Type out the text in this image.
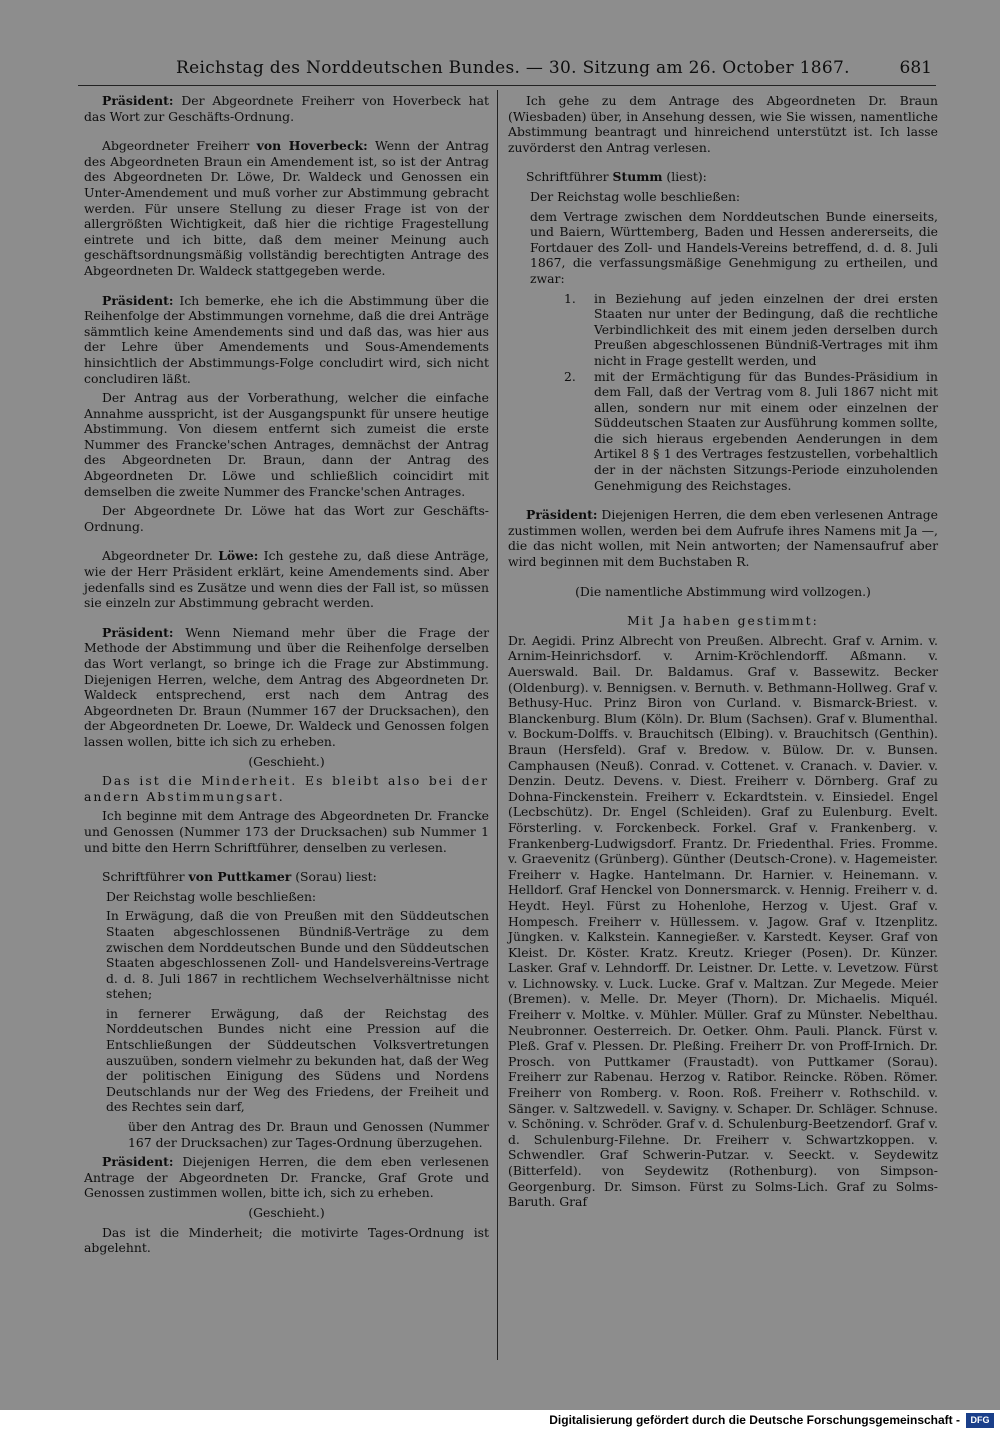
Reichstag des Norddeutschen Bundes. — 30. Sitzung am 26. October 1867.	681

Präsident: Der Abgeordnete Freiherr von Hoverbeck hat das Wort zur Geschäfts-Ordnung.

Abgeordneter Freiherr von Hoverbeck: Wenn der Antrag des Abgeordneten Braun ein Amendement ist, so ist der Antrag des Abgeordneten Dr. Löwe, Dr. Waldeck und Genossen ein Unter-Amendement und muß vorher zur Abstimmung gebracht werden. Für unsere Stellung zu dieser Frage ist von der allergrößten Wichtigkeit, daß hier die richtige Fragestellung eintrete und ich bitte, daß dem meiner Meinung auch geschäftsordnungsmäßig vollständig berechtigten Antrage des Abgeordneten Dr. Waldeck stattgegeben werde.

Präsident: Ich bemerke, ehe ich die Abstimmung über die Reihenfolge der Abstimmungen vornehme, daß die drei Anträge sämmtlich keine Amendements sind und daß das, was hier aus der Lehre über Amendements und Sous-Amendements hinsichtlich der Abstimmungs-Folge concludirt wird, sich nicht concludiren läßt.

Der Antrag aus der Vorberathung, welcher die einfache Annahme ausspricht, ist der Ausgangspunkt für unsere heutige Abstimmung. Von diesem entfernt sich zumeist die erste Nummer des Francke'schen Antrages, demnächst der Antrag des Abgeordneten Dr. Braun, dann der Antrag des Abgeordneten Dr. Löwe und schließlich coincidirt mit demselben die zweite Nummer des Francke'schen Antrages.

Der Abgeordnete Dr. Löwe hat das Wort zur Geschäfts-Ordnung.

Abgeordneter Dr. Löwe: Ich gestehe zu, daß diese Anträge, wie der Herr Präsident erklärt, keine Amendements sind. Aber jedenfalls sind es Zusätze und wenn dies der Fall ist, so müssen sie einzeln zur Abstimmung gebracht werden.

Präsident: Wenn Niemand mehr über die Frage der Methode der Abstimmung und über die Reihenfolge derselben das Wort verlangt, so bringe ich die Frage zur Abstimmung. Diejenigen Herren, welche, dem Antrag des Abgeordneten Dr. Waldeck entsprechend, erst nach dem Antrag des Abgeordneten Dr. Braun (Nummer 167 der Drucksachen), den der Abgeordneten Dr. Loewe, Dr. Waldeck und Genossen folgen lassen wollen, bitte ich sich zu erheben.

(Geschieht.)

Das ist die Minderheit. Es bleibt also bei der andern Abstimmungsart.

Ich beginne mit dem Antrage des Abgeordneten Dr. Francke und Genossen (Nummer 173 der Drucksachen) sub Nummer 1 und bitte den Herrn Schriftführer, denselben zu verlesen.

Schriftführer von Puttkamer (Sorau) liest:

Der Reichstag wolle beschließen:

In Erwägung, daß die von Preußen mit den Süddeutschen Staaten abgeschlossenen Bündniß-Verträge zu dem zwischen dem Norddeutschen Bunde und den Süddeutschen Staaten abgeschlossenen Zoll- und Handelsvereins-Vertrage d. d. 8. Juli 1867 in rechtlichem Wechselverhältnisse nicht stehen;

in fernerer Erwägung, daß der Reichstag des Norddeutschen Bundes nicht eine Pression auf die Entschließungen der Süddeutschen Volksvertretungen auszuüben, sondern vielmehr zu bekunden hat, daß der Weg der politischen Einigung des Südens und Nordens Deutschlands nur der Weg des Friedens, der Freiheit und des Rechtes sein darf,

über den Antrag des Dr. Braun und Genossen (Nummer 167 der Drucksachen) zur Tages-Ordnung überzugehen.

Präsident: Diejenigen Herren, die dem eben verlesenen Antrage der Abgeordneten Dr. Francke, Graf Grote und Genossen zustimmen wollen, bitte ich, sich zu erheben.

(Geschieht.)

Das ist die Minderheit; die motivirte Tages-Ordnung ist abgelehnt.

Ich gehe zu dem Antrage des Abgeordneten Dr. Braun (Wiesbaden) über, in Ansehung dessen, wie Sie wissen, namentliche Abstimmung beantragt und hinreichend unterstützt ist. Ich lasse zuvörderst den Antrag verlesen.

Schriftführer Stumm (liest):

Der Reichstag wolle beschließen:

dem Vertrage zwischen dem Norddeutschen Bunde einerseits, und Baiern, Württemberg, Baden und Hessen andererseits, die Fortdauer des Zoll- und Handels-Vereins betreffend, d. d. 8. Juli 1867, die verfassungsmäßige Genehmigung zu ertheilen, und zwar:

1.	in Beziehung auf jeden einzelnen der drei ersten Staaten nur unter der Bedingung, daß die rechtliche Verbindlichkeit des mit einem jeden derselben durch Preußen abgeschlossenen Bündniß-Vertrages mit ihm nicht in Frage gestellt werden, und
2.	mit der Ermächtigung für das Bundes-Präsidium in dem Fall, daß der Vertrag vom 8. Juli 1867 nicht mit allen, sondern nur mit einem oder einzelnen der Süddeutschen Staaten zur Ausführung kommen sollte, die sich hieraus ergebenden Aenderungen in dem Artikel 8 § 1 des Vertrages festzustellen, vorbehaltlich der in der nächsten Sitzungs-Periode einzuholenden Genehmigung des Reichstages.

Präsident: Diejenigen Herren, die dem eben verlesenen Antrage zustimmen wollen, werden bei dem Aufrufe ihres Namens mit Ja —, die das nicht wollen, mit Nein antworten; der Namensaufruf aber wird beginnen mit dem Buchstaben R.

(Die namentliche Abstimmung wird vollzogen.)

Mit Ja haben gestimmt:

Dr. Aegidi. Prinz Albrecht von Preußen. Albrecht. Graf v. Arnim. v. Arnim-Heinrichsdorf. v. Arnim-Kröchlendorff. Aßmann. v. Auerswald. Bail. Dr. Baldamus. Graf v. Bassewitz. Becker (Oldenburg). v. Bennigsen. v. Bernuth. v. Bethmann-Hollweg. Graf v. Bethusy-Huc. Prinz Biron von Curland. v. Bismarck-Briest. v. Blanckenburg. Blum (Köln). Dr. Blum (Sachsen). Graf v. Blumenthal. v. Bockum-Dolffs. v. Brauchitsch (Elbing). v. Brauchitsch (Genthin). Braun (Hersfeld). Graf v. Bredow. v. Bülow. Dr. v. Bunsen. Camphausen (Neuß). Conrad. v. Cottenet. v. Cranach. v. Davier. v. Denzin. Deutz. Devens. v. Diest. Freiherr v. Dörnberg. Graf zu Dohna-Finckenstein. Freiherr v. Eckardtstein. v. Einsiedel. Engel (Lecbschütz). Dr. Engel (Schleiden). Graf zu Eulenburg. Evelt. Försterling. v. Forckenbeck. Forkel. Graf v. Frankenberg. v. Frankenberg-Ludwigsdorf. Frantz. Dr. Friedenthal. Fries. Fromme. v. Graevenitz (Grünberg). Günther (Deutsch-Crone). v. Hagemeister. Freiherr v. Hagke. Hantelmann. Dr. Harnier. v. Heinemann. v. Helldorf. Graf Henckel von Donnersmarck. v. Hennig. Freiherr v. d. Heydt. Heyl. Fürst zu Hohenlohe, Herzog v. Ujest. Graf v. Hompesch. Freiherr v. Hüllessem. v. Jagow. Graf v. Itzenplitz. Jüngken. v. Kalkstein. Kannegießer. v. Karstedt. Keyser. Graf von Kleist. Dr. Köster. Kratz. Kreutz. Krieger (Posen). Dr. Künzer. Lasker. Graf v. Lehndorff. Dr. Leistner. Dr. Lette. v. Levetzow. Fürst v. Lichnowsky. v. Luck. Lucke. Graf v. Maltzan. Zur Megede. Meier (Bremen). v. Melle. Dr. Meyer (Thorn). Dr. Michaelis. Miquél. Freiherr v. Moltke. v. Mühler. Müller. Graf zu Münster. Nebelthau. Neubronner. Oesterreich. Dr. Oetker. Ohm. Pauli. Planck. Fürst v. Pleß. Graf v. Plessen. Dr. Pleßing. Freiherr Dr. von Proff-Irnich. Dr. Prosch. von Puttkamer (Fraustadt). von Puttkamer (Sorau). Freiherr zur Rabenau. Herzog v. Ratibor. Reincke. Röben. Römer. Freiherr von Romberg. v. Roon. Roß. Freiherr v. Rothschild. v. Sänger. v. Saltzwedell. v. Savigny. v. Schaper. Dr. Schläger. Schnuse. v. Schöning. v. Schröder. Graf v. d. Schulenburg-Beetzendorf. Graf v. d. Schulenburg-Filehne. Dr. Freiherr v. Schwartzkoppen. v. Schwendler. Graf Schwerin-Putzar. v. Seeckt. v. Seydewitz (Bitterfeld). von Seydewitz (Rothenburg). von Simpson-Georgenburg. Dr. Simson. Fürst zu Solms-Lich. Graf zu Solms-Baruth. Graf

Digitalisierung gefördert durch die Deutsche Forschungsgemeinschaft -	DFG
